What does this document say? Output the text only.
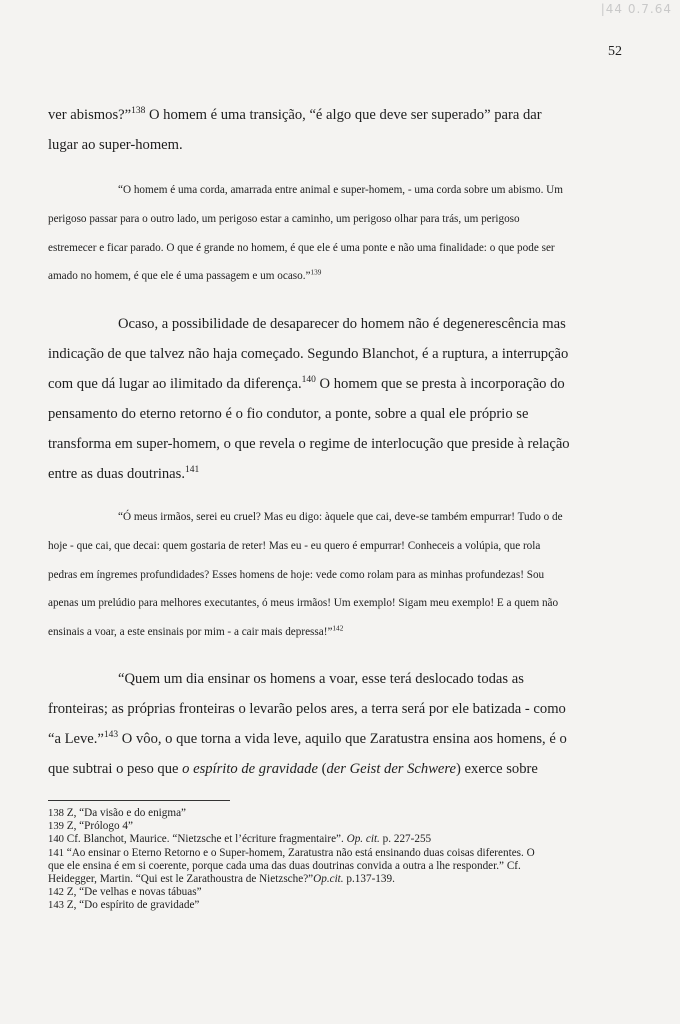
|44 0.7.64
52

ver abismos?”$^{138}$ O homem é uma transição, “é algo que deve ser superado” para dar lugar ao super-homem.

“O homem é uma corda, amarrada entre animal e super-homem, - uma corda sobre um abismo. Um perigoso passar para o outro lado, um perigoso estar a caminho, um perigoso olhar para trás, um perigoso estremecer e ficar parado. O que é grande no homem, é que ele é uma ponte e não uma finalidade: o que pode ser amado no homem, é que ele é uma passagem e um ocaso.”$^{139}$

Ocaso, a possibilidade de desaparecer do homem não é degenerescência mas indicação de que talvez não haja começado. Segundo Blanchot, é a ruptura, a interrupção com que dá lugar ao ilimitado da diferença.$^{140}$ O homem que se presta à incorporação do pensamento do eterno retorno é o fio condutor, a ponte, sobre a qual ele próprio se transforma em super-homem, o que revela o regime de interlocução que preside à relação entre as duas doutrinas.$^{141}$

“Ó meus irmãos, serei eu cruel? Mas eu digo: àquele que cai, deve-se também empurrar! Tudo o de hoje - que cai, que decai: quem gostaria de reter! Mas eu - eu quero é empurrar! Conheceis a volúpia, que rola pedras em íngremes profundidades? Esses homens de hoje: vede como rolam para as minhas profundezas! Sou apenas um prelúdio para melhores executantes, ó meus irmãos! Um exemplo! Sigam meu exemplo! E a quem não ensinais a voar, a este ensinais por mim - a cair mais depressa!”$^{142}$

“Quem um dia ensinar os homens a voar, esse terá deslocado todas as fronteiras; as próprias fronteiras o levarão pelos ares, a terra será por ele batizada - como “a Leve.”$^{143}$ O vôo, o que torna a vida leve, aquilo que Zaratustra ensina aos homens, é o que subtrai o peso que o espírito de gravidade (der Geist der Schwere) exerce sobre

138 Z, “Da visão e do enigma”
139 Z, “Prólogo 4”
140 Cf. Blanchot, Maurice. “Nietzsche et l’écriture fragmentaire”. Op. cit. p. 227-255
141 “Ao ensinar o Eterno Retorno e o Super-homem, Zaratustra não está ensinando duas coisas diferentes. O que ele ensina é em si coerente, porque cada uma das duas doutrinas convida a outra a lhe responder.” Cf. Heidegger, Martin. “Qui est le Zarathoustra de Nietzsche?”Op.cit. p.137-139.
142 Z, “De velhas e novas tábuas”
143 Z, “Do espírito de gravidade”
